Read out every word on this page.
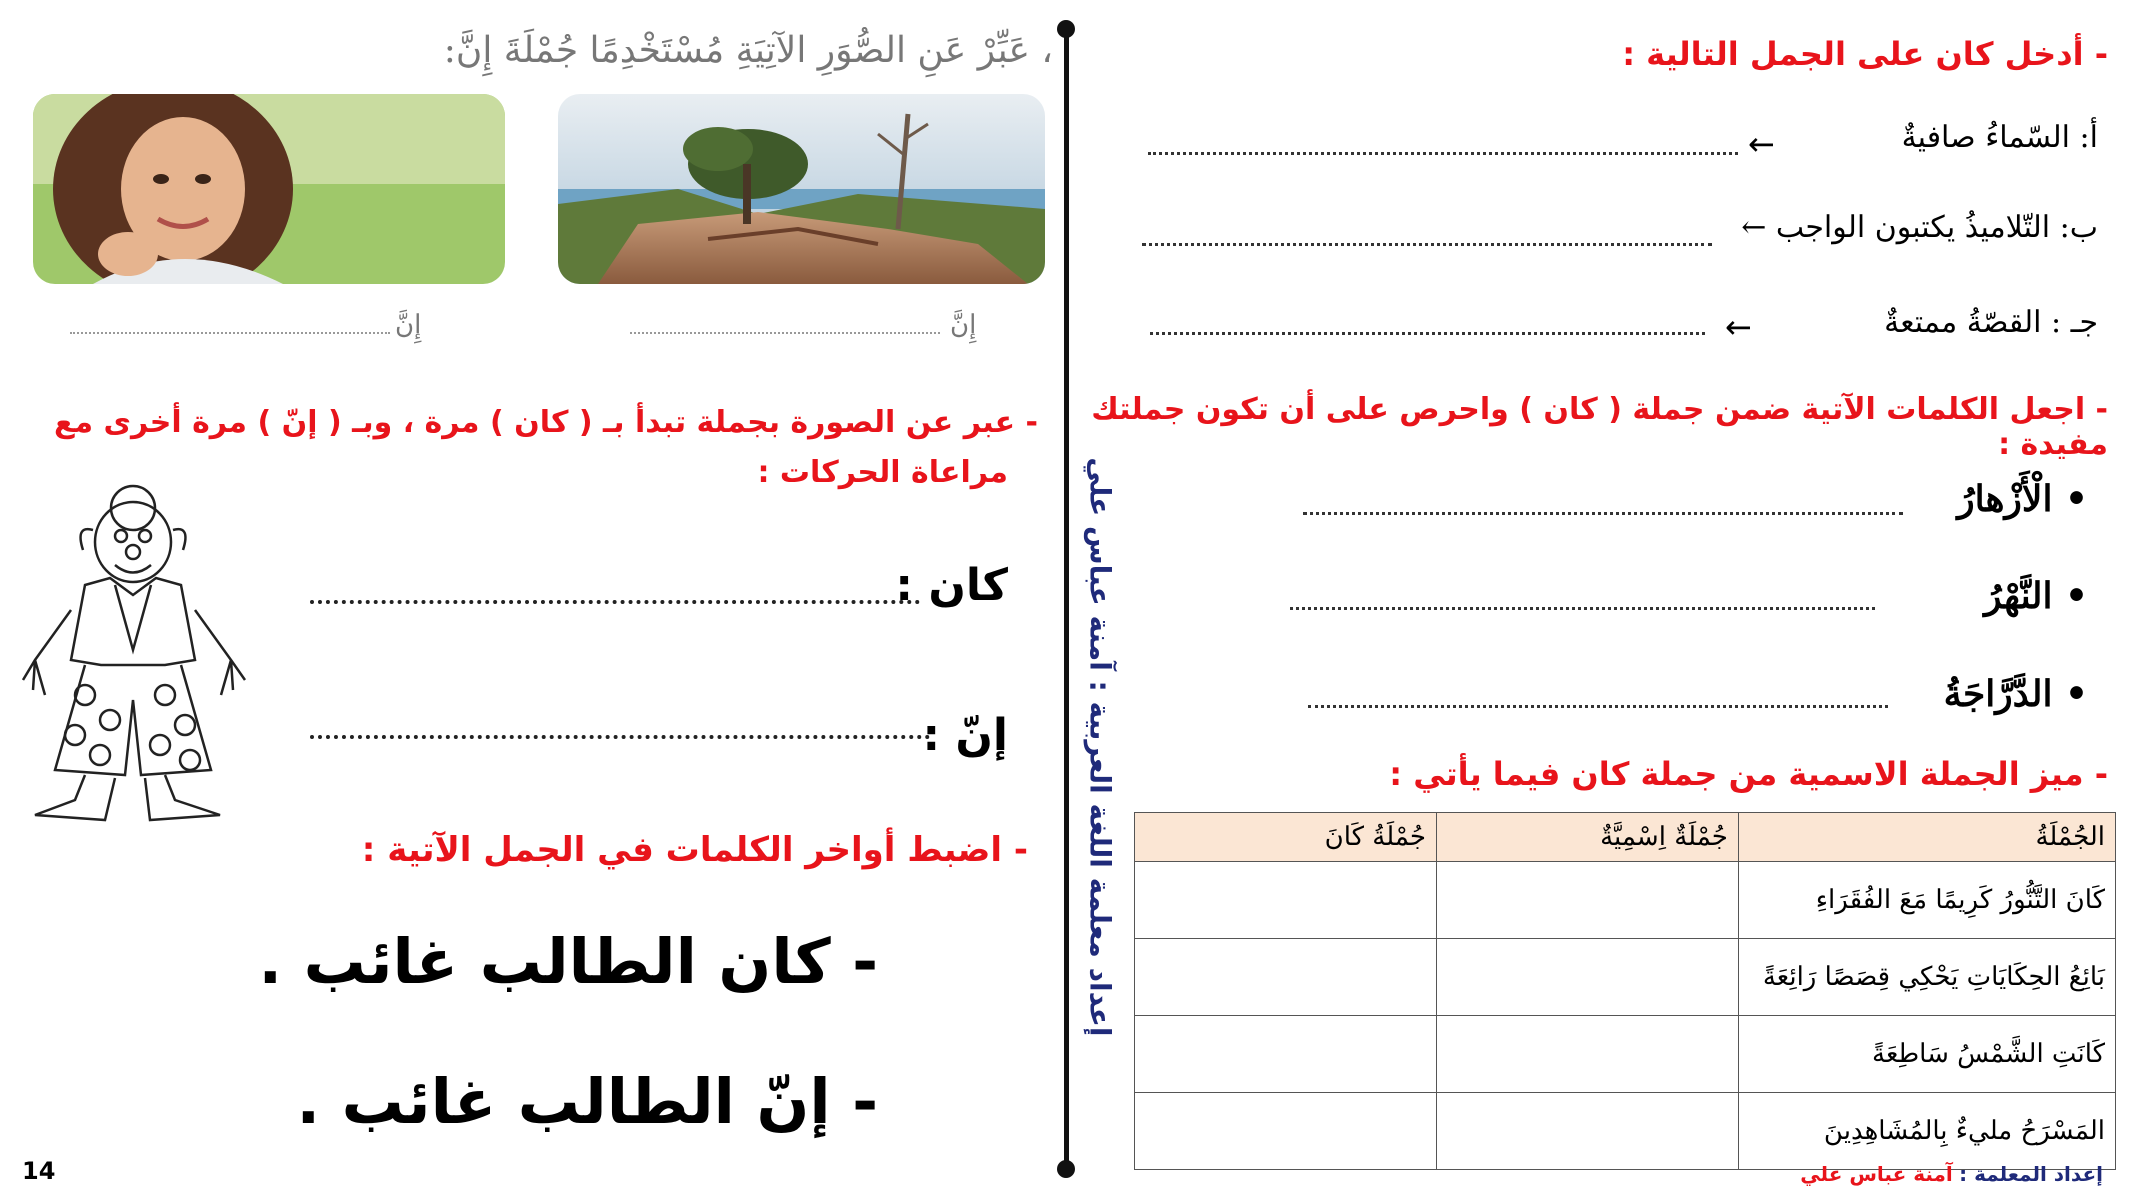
، عَبِّرْ عَنِ الصُّوَرِ الآتِيَةِ مُسْتَخْدِمًا جُمْلَةَ إِنَّ:
إِنَّ
إِنَّ
- عبر عن الصورة بجملة تبدأ بـ ( كان ) مرة ، وبـ ( إنّ ) مرة أخرى مع
مراعاة الحركات :
كان :
إنّ :
- اضبط أواخر الكلمات في الجمل الآتية :
- كان الطالب غائب .
- إنّ الطالب غائب .
14
إعداد معلمة اللغة العربية : آمنة عباس علي
- أدخل كان على الجمل التالية :
أ: السّماءُ صافيةٌ
←
ب: التّلاميذُ يكتبون الواجب ←
جـ : القصّةُ ممتعةٌ
←
- اجعل الكلمات الآتية ضمن جملة ( كان ) واحرص على أن تكون جملتك مفيدة :
• الْأَزْهارُ
• النَّهْرُ
• الدَّرَّاجَةُ
- ميز الجملة الاسمية من جملة كان فيما يأتي :
الجُمْلَةُ	جُمْلَةٌ اِسْمِيَّةٌ	جُمْلَةُ كَانَ
كَانَ التَّنُّورُ كَرِيمًا مَعَ الفُقَرَاءِ		
بَائِعُ الحِكَايَاتِ يَحْكِي قِصَصًا رَائِعَةً		
كَانَتِ الشَّمْسُ سَاطِعَةً		
المَسْرَحُ مليءٌ بِالمُشَاهِدِينَ		
إعداد المعلمة : آمنة عباس علي
